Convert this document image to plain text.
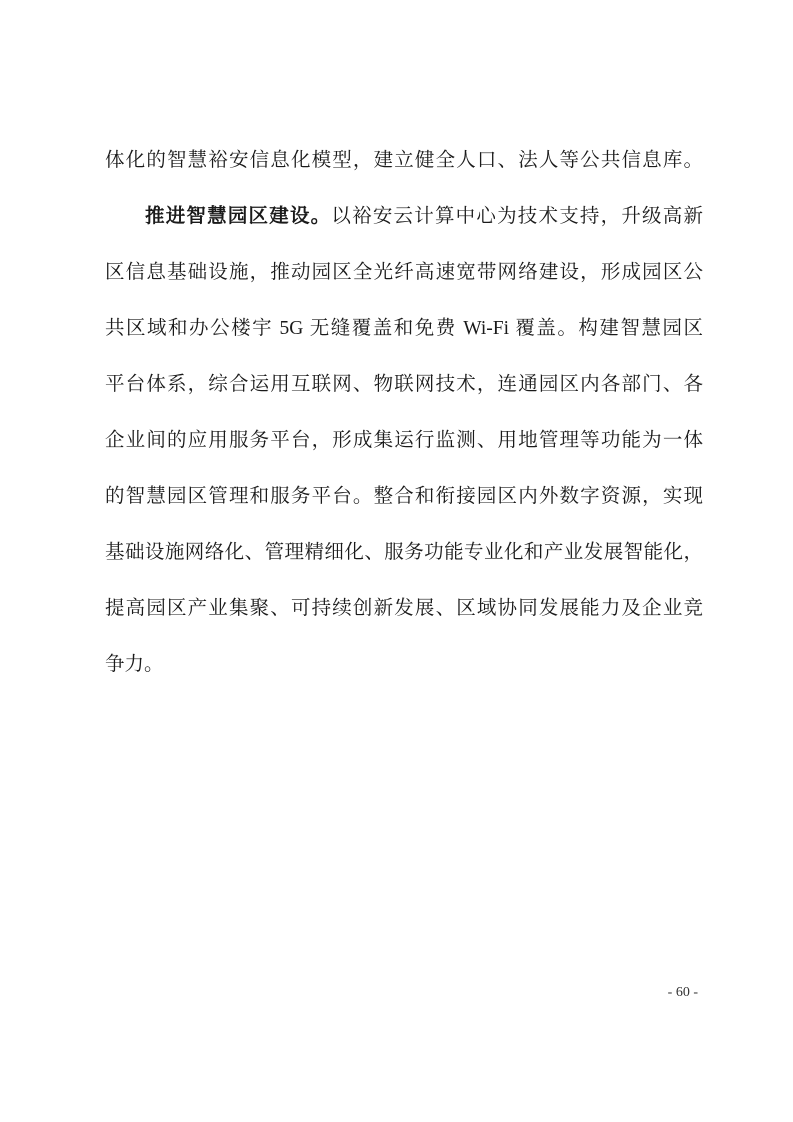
体化的智慧裕安信息化模型，建立健全人口、法人等公共信息库。
推进智慧园区建设。以裕安云计算中心为技术支持，升级高新
区信息基础设施，推动园区全光纤高速宽带网络建设，形成园区公
共区域和办公楼宇 5G 无缝覆盖和免费 Wi-Fi 覆盖。构建智慧园区
平台体系，综合运用互联网、物联网技术，连通园区内各部门、各
企业间的应用服务平台，形成集运行监测、用地管理等功能为一体
的智慧园区管理和服务平台。整合和衔接园区内外数字资源，实现
基础设施网络化、管理精细化、服务功能专业化和产业发展智能化，
提高园区产业集聚、可持续创新发展、区域协同发展能力及企业竞
争力。
- 60 -
